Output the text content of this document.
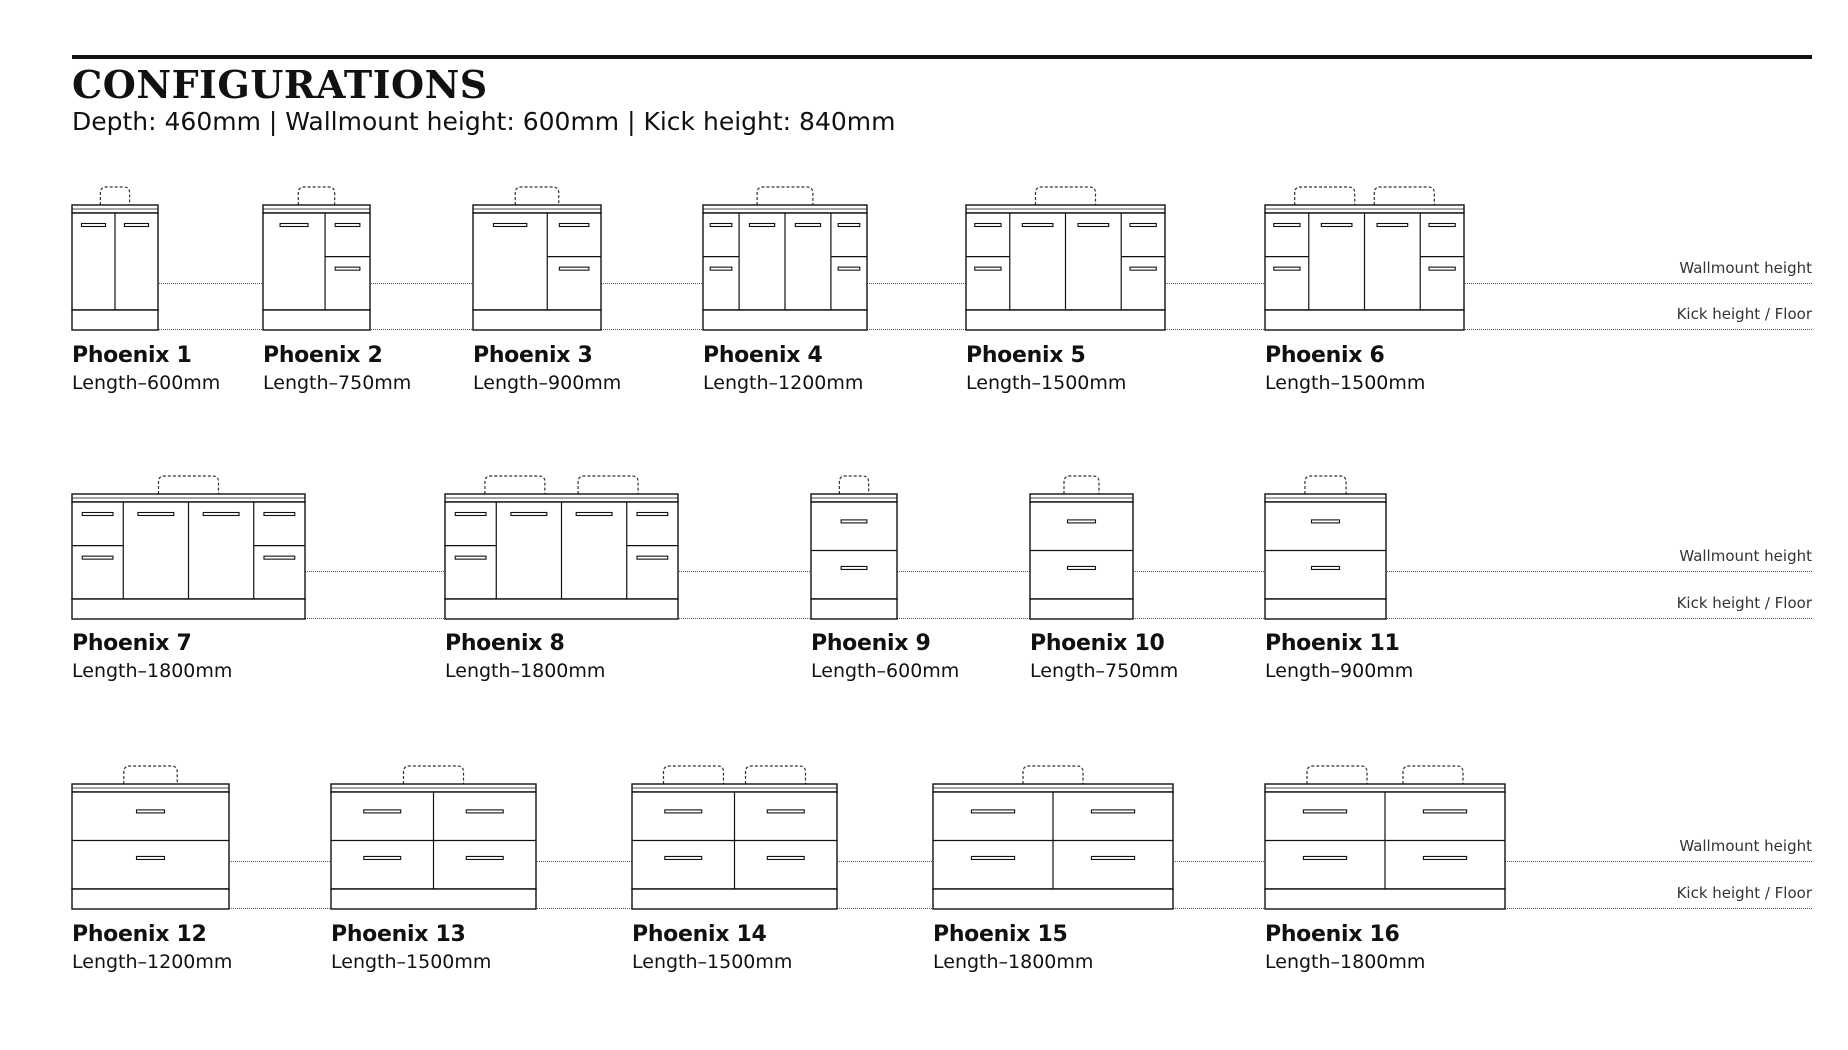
CONFIGURATIONS
Depth: 460mm | Wallmount height: 600mm | Kick height: 840mm
Wallmount height
Kick height / Floor
Phoenix 1
Length–600mm
Phoenix 2
Length–750mm
Phoenix 3
Length–900mm
Phoenix 4
Length–1200mm
Phoenix 5
Length–1500mm
Phoenix 6
Length–1500mm
Wallmount height
Kick height / Floor
Phoenix 7
Length–1800mm
Phoenix 8
Length–1800mm
Phoenix 9
Length–600mm
Phoenix 10
Length–750mm
Phoenix 11
Length–900mm
Wallmount height
Kick height / Floor
Phoenix 12
Length–1200mm
Phoenix 13
Length–1500mm
Phoenix 14
Length–1500mm
Phoenix 15
Length–1800mm
Phoenix 16
Length–1800mm
